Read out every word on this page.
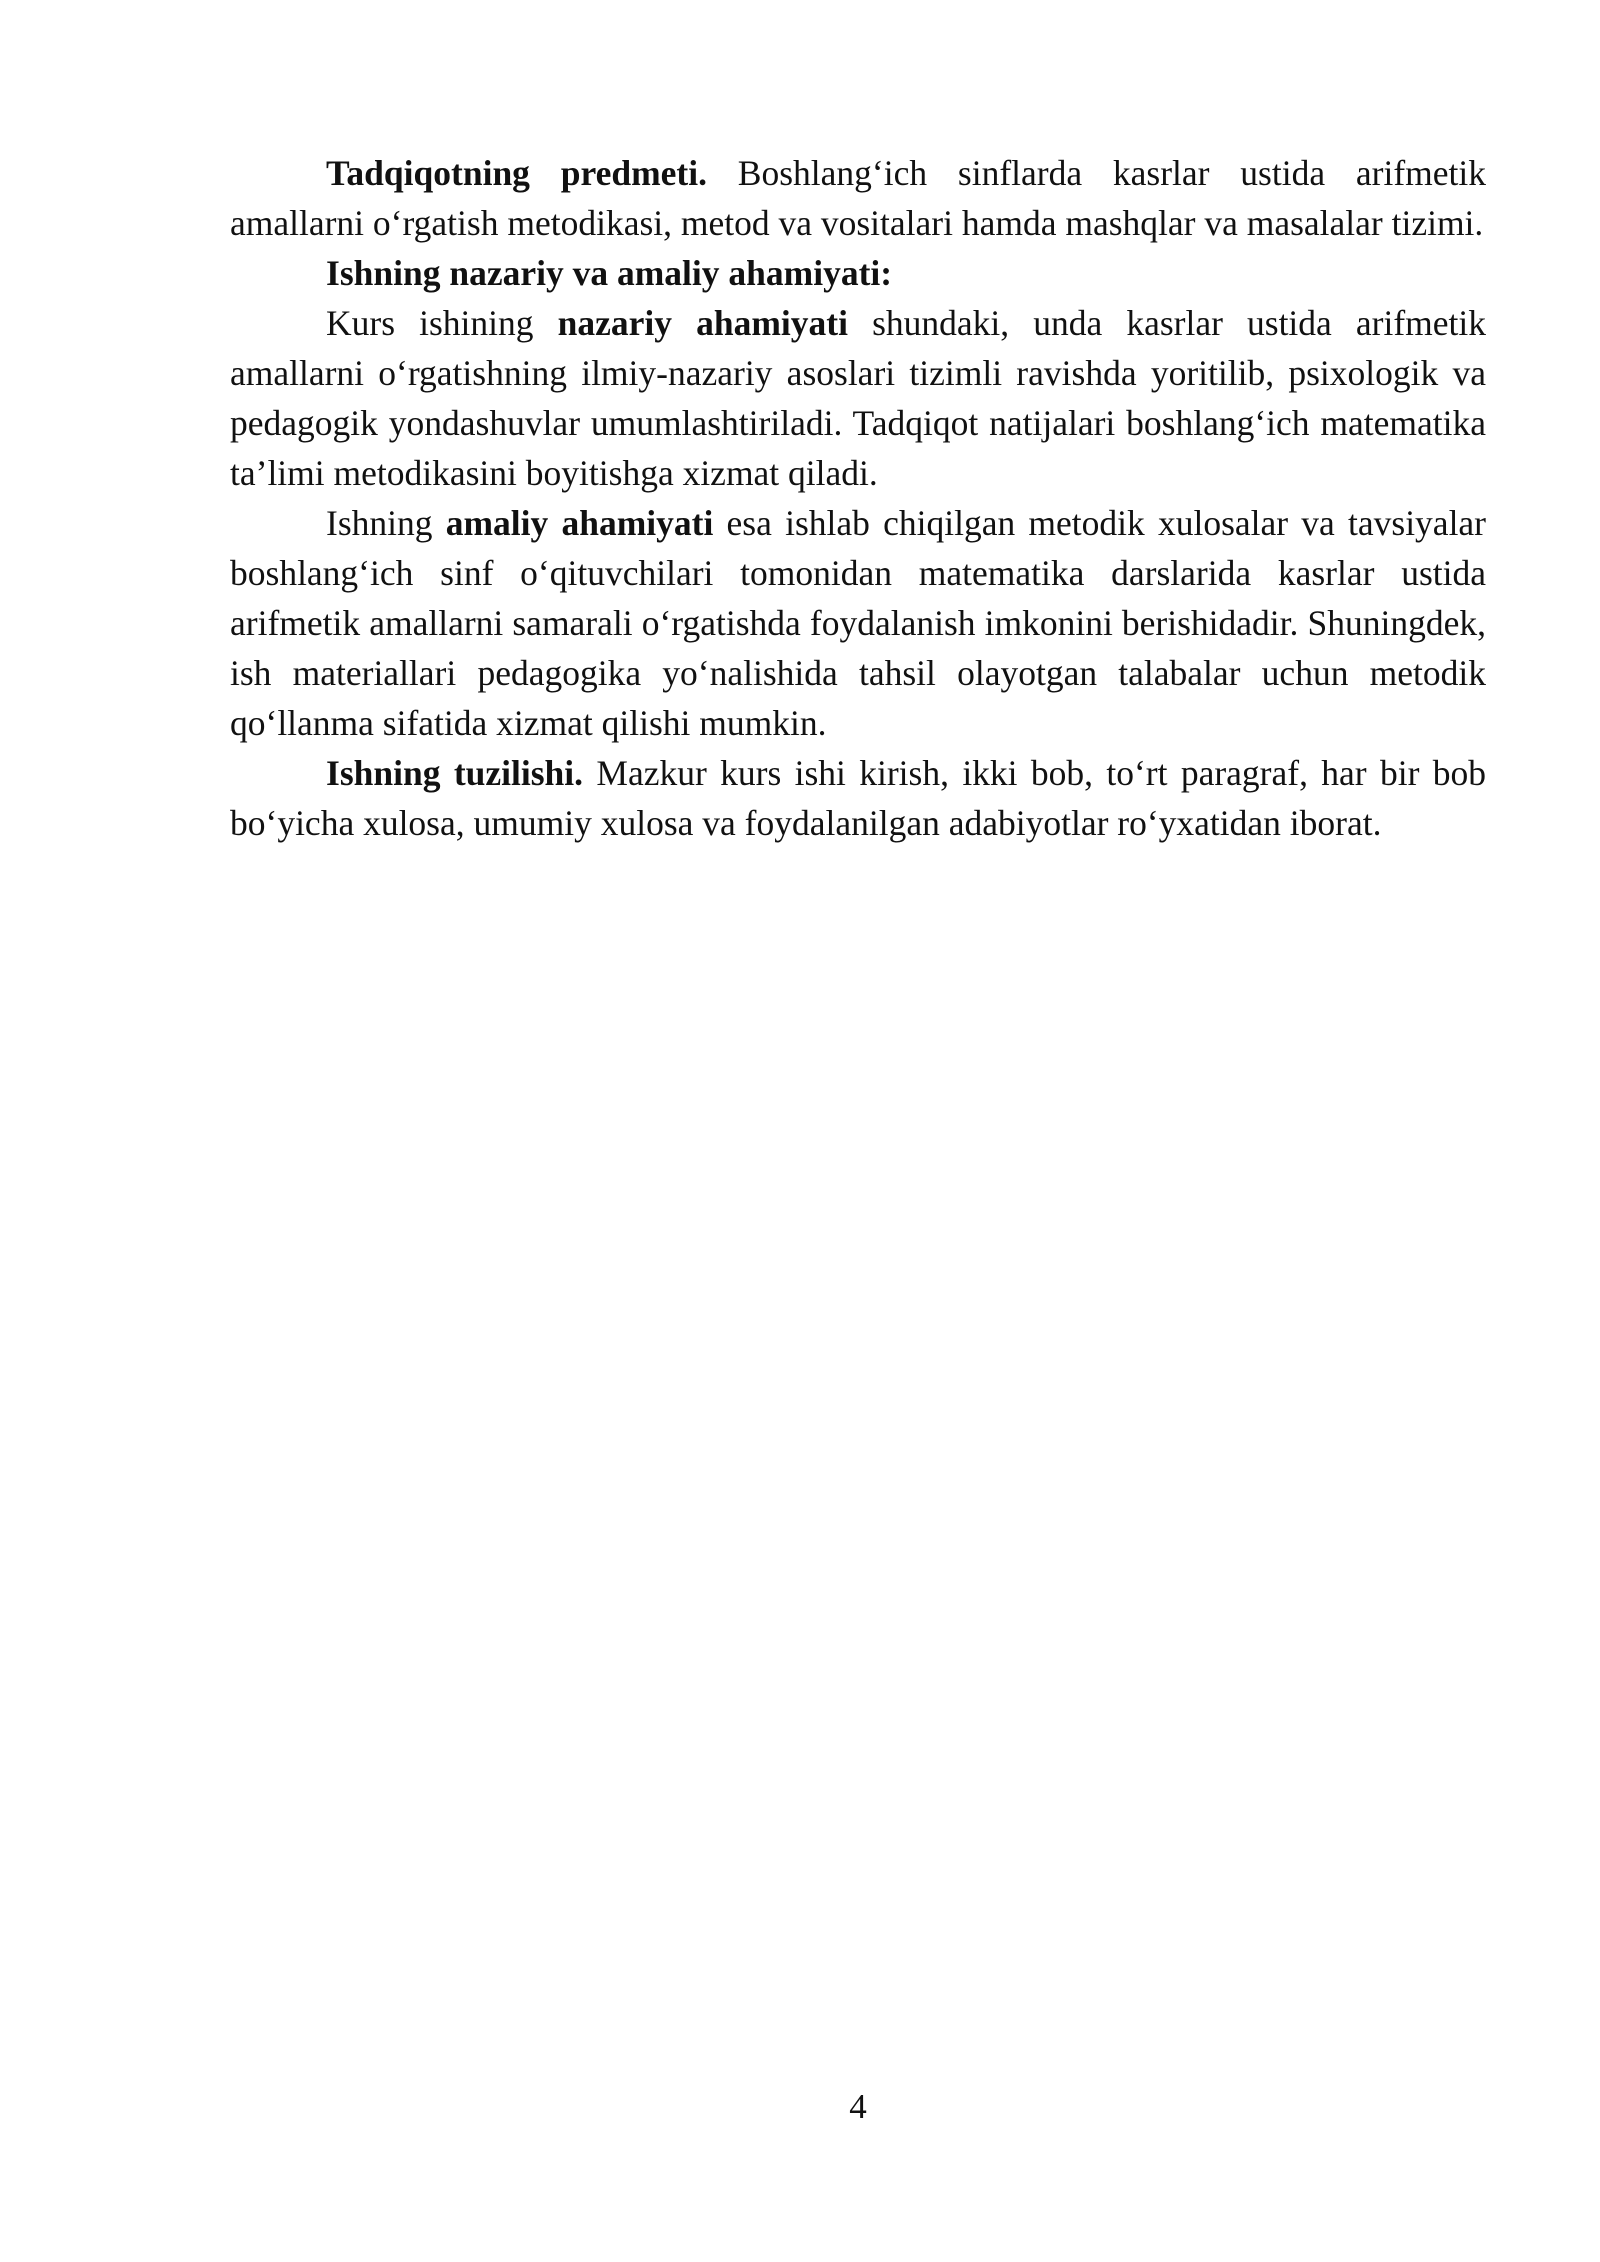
Tadqiqotning predmeti. Boshlang‘ich sinflarda kasrlar ustida arifmetik amallarni o‘rgatish metodikasi, metod va vositalari hamda mashqlar va masalalar tizimi.

Ishning nazariy va amaliy ahamiyati:

Kurs ishining nazariy ahamiyati shundaki, unda kasrlar ustida arifmetik amallarni o‘rgatishning ilmiy-nazariy asoslari tizimli ravishda yoritilib, psixologik va pedagogik yondashuvlar umumlashtiriladi. Tadqiqot natijalari boshlang‘ich matematika ta’limi metodikasini boyitishga xizmat qiladi.

Ishning amaliy ahamiyati esa ishlab chiqilgan metodik xulosalar va tavsiyalar boshlang‘ich sinf o‘qituvchilari tomonidan matematika darslarida kasrlar ustida arifmetik amallarni samarali o‘rgatishda foydalanish imkonini berishidadir. Shuningdek, ish materiallari pedagogika yo‘nalishida tahsil olayotgan talabalar uchun metodik qo‘llanma sifatida xizmat qilishi mumkin.

Ishning tuzilishi. Mazkur kurs ishi kirish, ikki bob, to‘rt paragraf, har bir bob bo‘yicha xulosa, umumiy xulosa va foydalanilgan adabiyotlar ro‘yxatidan iborat.

4
